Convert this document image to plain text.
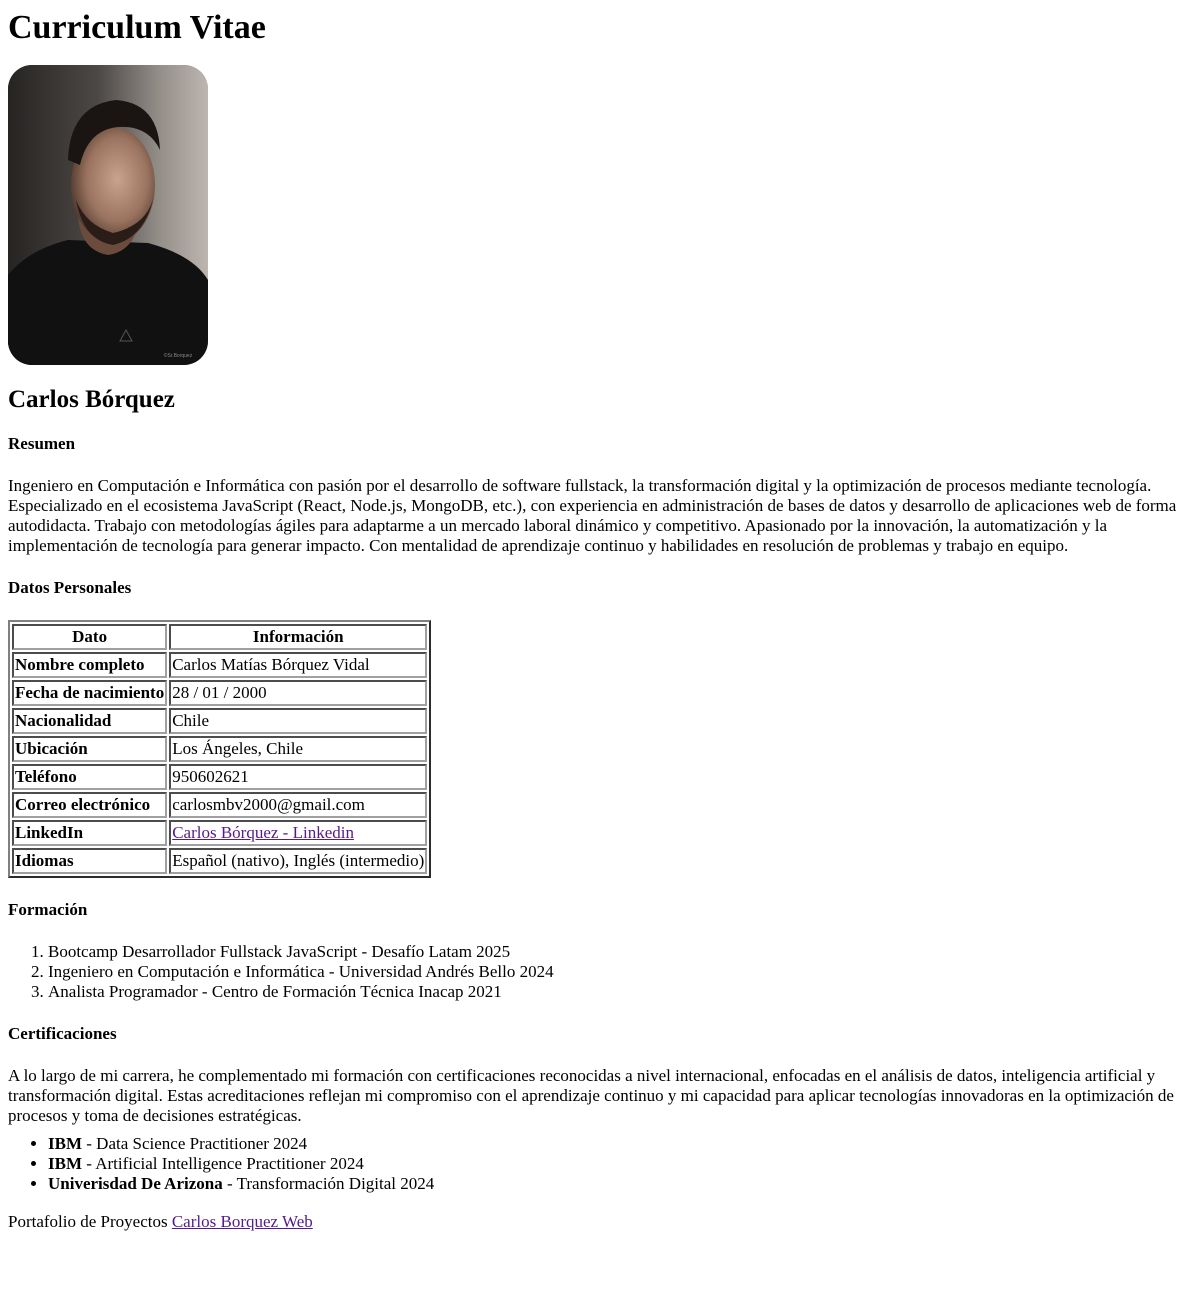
Curriculum Vitae
©Sr.Borquez
Carlos Bórquez
Resumen

Ingeniero en Computación e Informática con pasión por el desarrollo de software fullstack, la transformación digital y la optimización de procesos mediante tecnología. Especializado en el ecosistema JavaScript (React, Node.js, MongoDB, etc.), con experiencia en administración de bases de datos y desarrollo de aplicaciones web de forma autodidacta. Trabajo con metodologías ágiles para adaptarme a un mercado laboral dinámico y competitivo. Apasionado por la innovación, la automatización y la implementación de tecnología para generar impacto. Con mentalidad de aprendizaje continuo y habilidades en resolución de problemas y trabajo en equipo.

Datos Personales
Dato	Información
Nombre completo	Carlos Matías Bórquez Vidal
Fecha de nacimiento	28 / 01 / 2000
Nacionalidad	Chile
Ubicación	Los Ángeles, Chile
Teléfono	950602621
Correo electrónico	carlosmbv2000@gmail.com
LinkedIn	Carlos Bórquez - Linkedin
Idiomas	Español (nativo), Inglés (intermedio)
Formación
1. Bootcamp Desarrollador Fullstack JavaScript - Desafío Latam 2025
2. Ingeniero en Computación e Informática - Universidad Andrés Bello 2024
3. Analista Programador - Centro de Formación Técnica Inacap 2021
Certificaciones

A lo largo de mi carrera, he complementado mi formación con certificaciones reconocidas a nivel internacional, enfocadas en el análisis de datos, inteligencia artificial y transformación digital. Estas acreditaciones reflejan mi compromiso con el aprendizaje continuo y mi capacidad para aplicar tecnologías innovadoras en la optimización de procesos y toma de decisiones estratégicas.

• IBM - Data Science Practitioner 2024
• IBM - Artificial Intelligence Practitioner 2024
• Univerisdad De Arizona - Transformación Digital 2024
Portafolio de Proyectos Carlos Borquez Web
